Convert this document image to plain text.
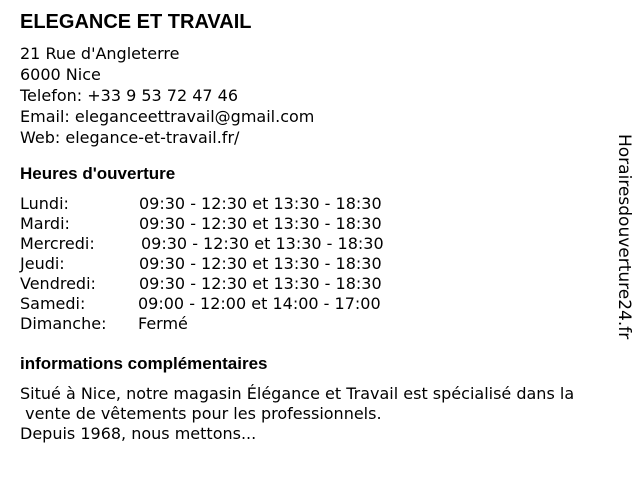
ELEGANCE ET TRAVAIL
21 Rue d'Angleterre
6000 Nice
Telefon: +33 9 53 72 47 46
Email: eleganceettravail@gmail.com
Web: elegance-et-travail.fr/
Heures d'ouverture
Lundi:	09:30 - 12:30 et 13:30 - 18:30
Mardi:	09:30 - 12:30 et 13:30 - 18:30
Mercredi:	09:30 - 12:30 et 13:30 - 18:30
Jeudi:	09:30 - 12:30 et 13:30 - 18:30
Vendredi:	09:30 - 12:30 et 13:30 - 18:30
Samedi:	09:00 - 12:00 et 14:00 - 17:00
Dimanche: Fermé
informations complémentaires
Situé à Nice, notre magasin Élégance et Travail est spécialisé dans la
vente de vêtements pour les professionnels.
Depuis 1968, nous mettons...
Horairesdouverture24.fr
